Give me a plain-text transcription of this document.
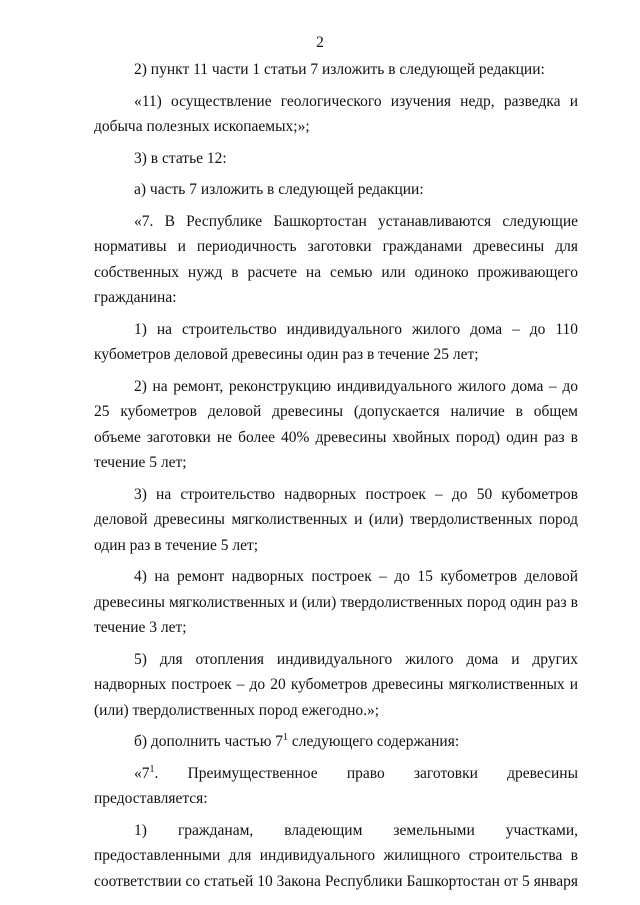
2

2) пункт 11 части 1 статьи 7 изложить в следующей редакции:

«11) осуществление геологического изучения недр, разведка и добыча полезных ископаемых;»;

3) в статье 12:

а) часть 7 изложить в следующей редакции:

«7. В Республике Башкортостан устанавливаются следующие нормативы и периодичность заготовки гражданами древесины для собственных нужд в расчете на семью или одиноко проживающего гражданина:

1) на строительство индивидуального жилого дома – до 110 кубометров деловой древесины один раз в течение 25 лет;

2) на ремонт, реконструкцию индивидуального жилого дома – до 25 кубометров деловой древесины (допускается наличие в общем объеме заготовки не более 40% древесины хвойных пород) один раз в течение 5 лет;

3) на строительство надворных построек – до 50 кубометров деловой древесины мягколиственных и (или) твердолиственных пород один раз в течение 5 лет;

4) на ремонт надворных построек – до 15 кубометров деловой древесины мягколиственных и (или) твердолиственных пород один раз в течение 3 лет;

5) для отопления индивидуального жилого дома и других надворных построек – до 20 кубометров древесины мягколиственных и (или) твердолиственных пород ежегодно.»;

б) дополнить частью $7^1$ следующего содержания:

«$7^1$. Преимущественное право заготовки древесины предоставляется:

1) гражданам, владеющим земельными участками, предоставленными для индивидуального жилищного строительства в соответствии со статьей 10 Закона Республики Башкортостан от 5 января
